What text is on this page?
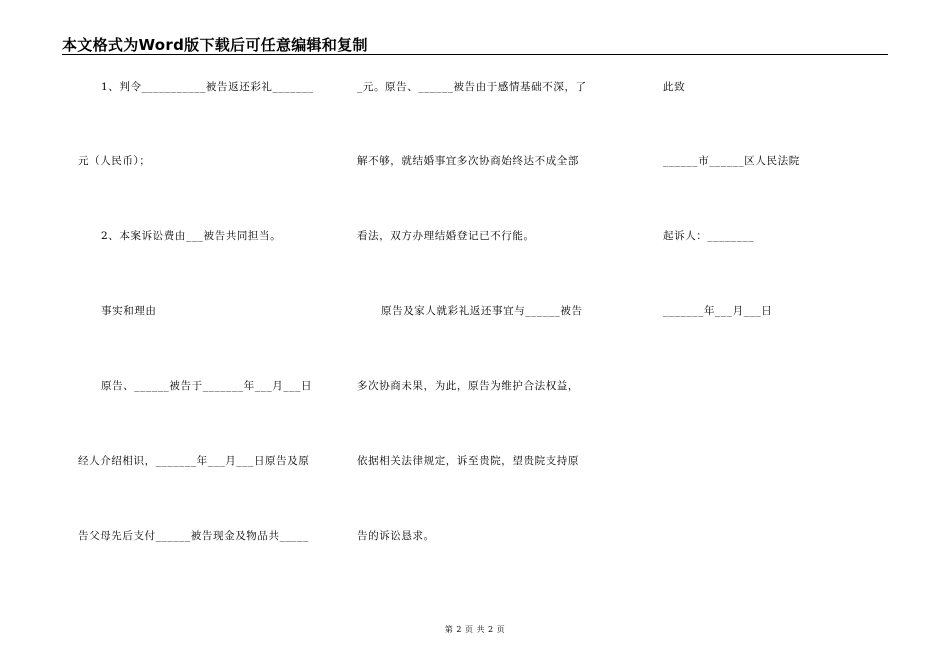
本文格式为Word版下载后可任意编辑和复制
1、判令___________被告返还彩礼_______
元（人民币）；
2、本案诉讼费由___被告共同担当。
事实和理由
原告、______被告于_______年___月___日
经人介绍相识，_______年___月___日原告及原
告父母先后支付______被告现金及物品共_____
_元。原告、______被告由于感情基础不深，了
解不够，就结婚事宜多次协商始终达不成全部
看法，双方办理结婚登记已不行能。
原告及家人就彩礼返还事宜与______被告
多次协商未果，为此，原告为维护合法权益，
依据相关法律规定，诉至贵院，望贵院支持原
告的诉讼恳求。
此致
______市______区人民法院
起诉人：________
_______年___月___日
第 2 页 共 2 页
